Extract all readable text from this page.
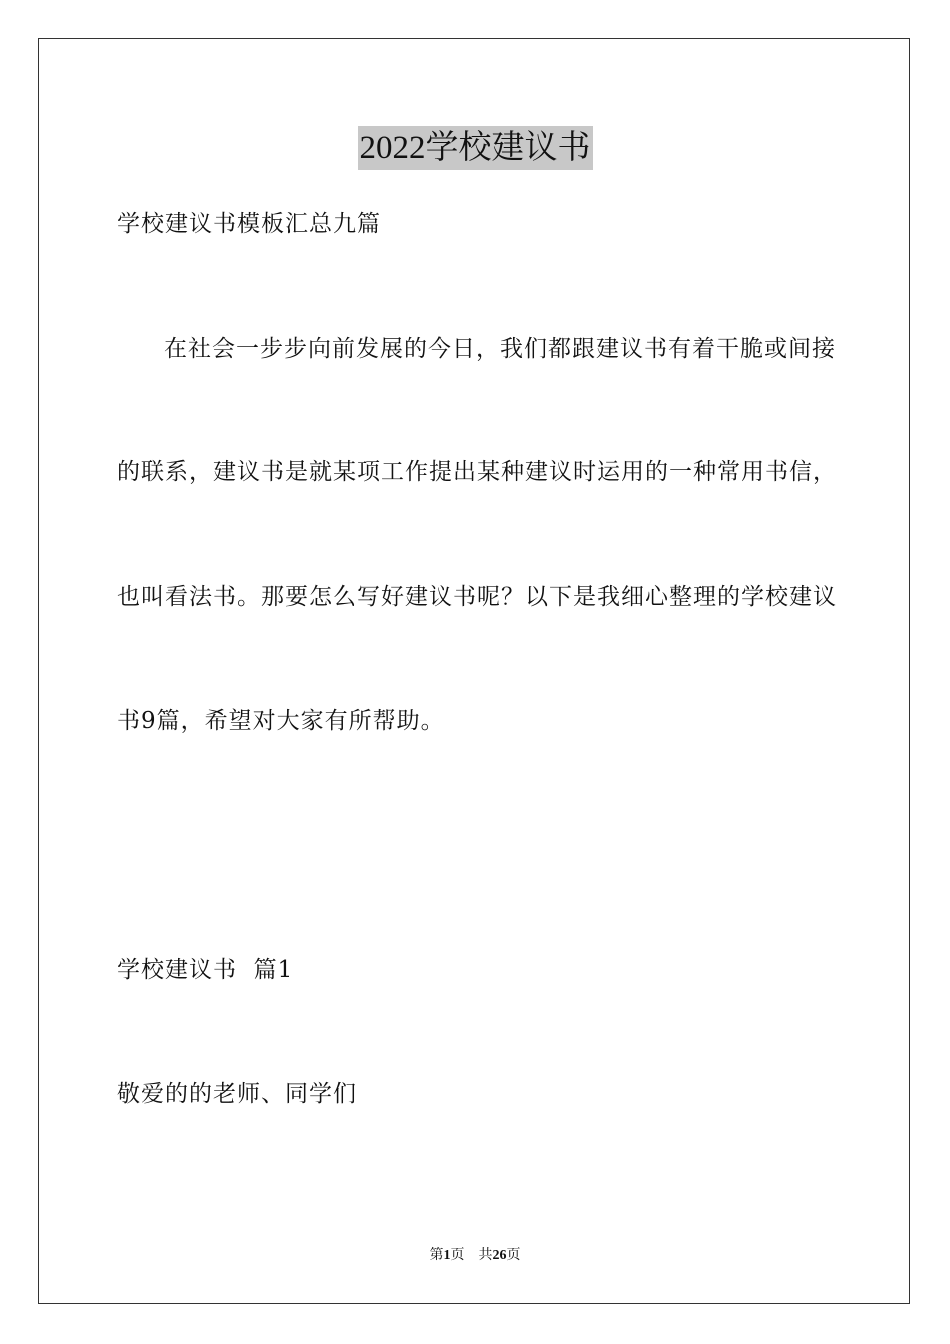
2022学校建议书
学校建议书模板汇总九篇
在社会一步步向前发展的今日，我们都跟建议书有着干脆或间接
的联系，建议书是就某项工作提出某种建议时运用的一种常用书信，
也叫看法书。那要怎么写好建议书呢？以下是我细心整理的学校建议
书9篇，希望对大家有所帮助。
学校建议书  篇1
敬爱的的老师、同学们
第1页 共26页
